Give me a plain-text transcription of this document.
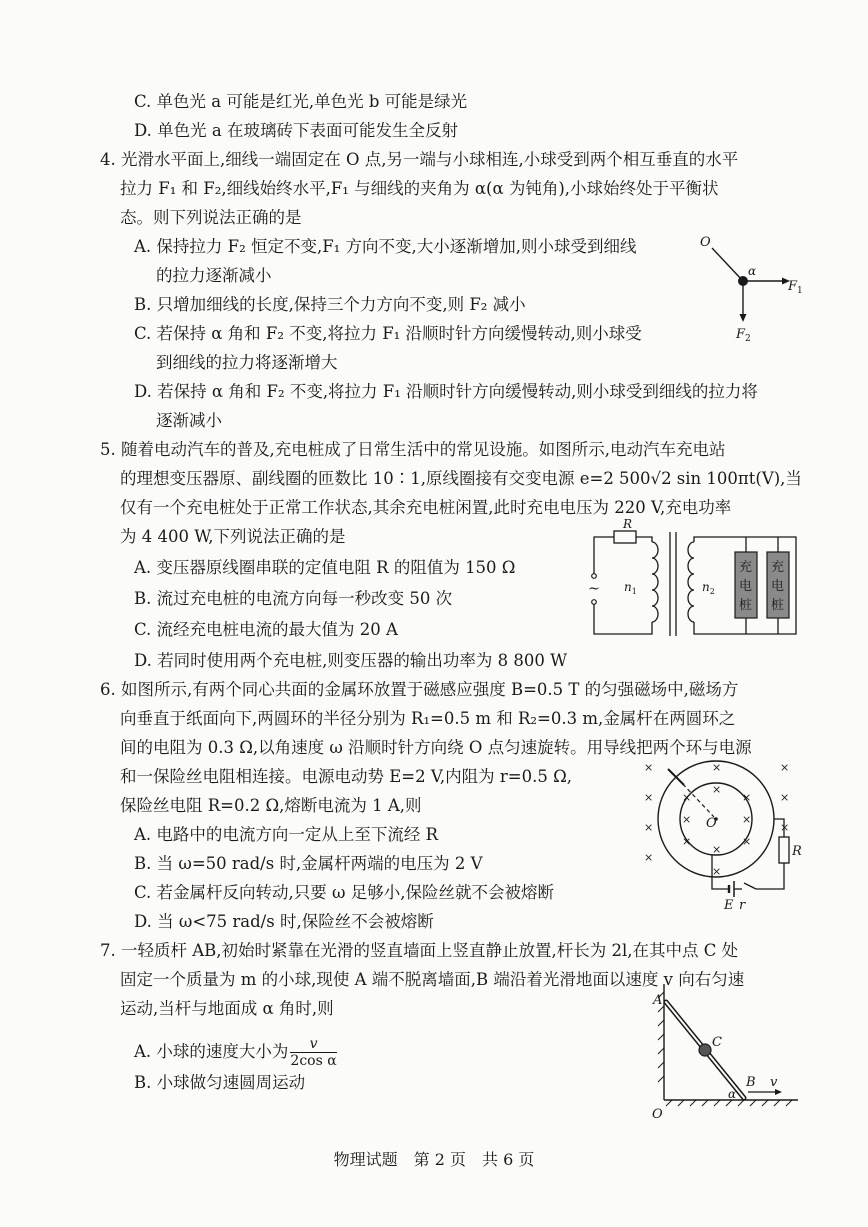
C. 单色光 a 可能是红光,单色光 b 可能是绿光
D. 单色光 a 在玻璃砖下表面可能发生全反射
4. 光滑水平面上,细线一端固定在 O 点,另一端与小球相连,小球受到两个相互垂直的水平
拉力 F₁ 和 F₂,细线始终水平,F₁ 与细线的夹角为 α(α 为钝角),小球始终处于平衡状
态。则下列说法正确的是
A. 保持拉力 F₂ 恒定不变,F₁ 方向不变,大小逐渐增加,则小球受到细线
的拉力逐渐减小
B. 只增加细线的长度,保持三个力方向不变,则 F₂ 减小
C. 若保持 α 角和 F₂ 不变,将拉力 F₁ 沿顺时针方向缓慢转动,则小球受
到细线的拉力将逐渐增大
D. 若保持 α 角和 F₂ 不变,将拉力 F₁ 沿顺时针方向缓慢转动,则小球受到细线的拉力将
逐渐减小
5. 随着电动汽车的普及,充电桩成了日常生活中的常见设施。如图所示,电动汽车充电站
的理想变压器原、副线圈的匝数比 10∶1,原线圈接有交变电源 e=2 500√2 sin 100πt(V),当
仅有一个充电桩处于正常工作状态,其余充电桩闲置,此时充电电压为 220 V,充电功率
为 4 400 W,下列说法正确的是
A. 变压器原线圈串联的定值电阻 R 的阻值为 150 Ω
B. 流过充电桩的电流方向每一秒改变 50 次
C. 流经充电桩电流的最大值为 20 A
D. 若同时使用两个充电桩,则变压器的输出功率为 8 800 W
6. 如图所示,有两个同心共面的金属环放置于磁感应强度 B=0.5 T 的匀强磁场中,磁场方
向垂直于纸面向下,两圆环的半径分别为 R₁=0.5 m 和 R₂=0.3 m,金属杆在两圆环之
间的电阻为 0.3 Ω,以角速度 ω 沿顺时针方向绕 O 点匀速旋转。用导线把两个环与电源
和一保险丝电阻相连接。电源电动势 E=2 V,内阻为 r=0.5 Ω,
保险丝电阻 R=0.2 Ω,熔断电流为 1 A,则
A. 电路中的电流方向一定从上至下流经 R
B. 当 ω=50 rad/s 时,金属杆两端的电压为 2 V
C. 若金属杆反向转动,只要 ω 足够小,保险丝就不会被熔断
D. 当 ω<75 rad/s 时,保险丝不会被熔断
7. 一轻质杆 AB,初始时紧靠在光滑的竖直墙面上竖直静止放置,杆长为 2l,在其中点 C 处
固定一个质量为 m 的小球,现使 A 端不脱离墙面,B 端沿着光滑地面以速度 v 向右匀速
运动,当杆与地面成 α 角时,则
A. 小球的速度大小为 $\frac{v}{\text{2cos α}}$
B. 小球做匀速圆周运动
O
α
$F_1$
$F_2$
~
R
$n_1$	$n_2$
充
电
桩
充
电
桩
×	×
×	×
×	×
×
×
×
×
×	×
×
×
×
×
×
O
R
E r
A
C
B v
α
O
物理试题　第 2 页　共 6 页
